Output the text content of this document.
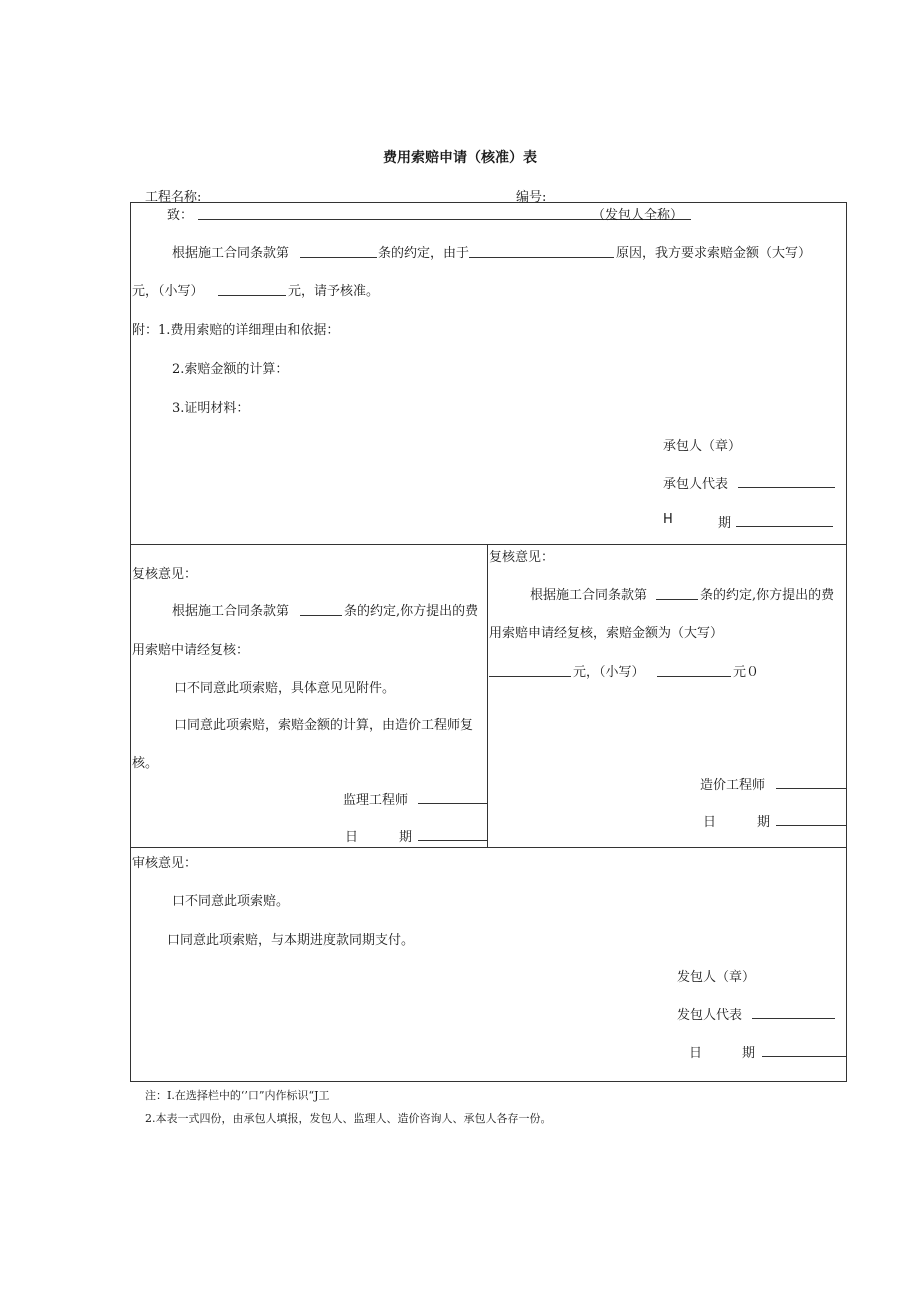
费用索赔申请（核准）表
工程名称:	编号:
致：	（发包人全称）
根据施工合同条款第	条的约定，由于	原因，我方要求索赔金额（大写）
元，（小写）	元，请予核准。
附：1.费用索赔的详细理由和依据：
2.索赔金额的计算：
3.证明材料：
承包人（章）
承包人代表
H	期
复核意见：
根据施工合同条款第	条的约定,你方提出的费
用索赔中请经复核：
口不同意此项索赔，具体意见见附件。
口同意此项索赔，索赔金额的计算，由造价工程师复
核。
监理工程师
日	期
复核意见：
根据施工合同条款第	条的约定,你方提出的费
用索赔申请经复核，索赔金额为（大写）
元，（小写）	元０
造价工程师
日	期
审核意见：
口不同意此项索赔。
口同意此项索赔，与本期进度款同期支付。
发包人（章）
发包人代表
日	期
注：Ⅰ.在选择栏中的‘’口”内作标识“J工
2.本表一式四份，由承包人填报，发包人、监理人、造价咨询人、承包人各存一份。
